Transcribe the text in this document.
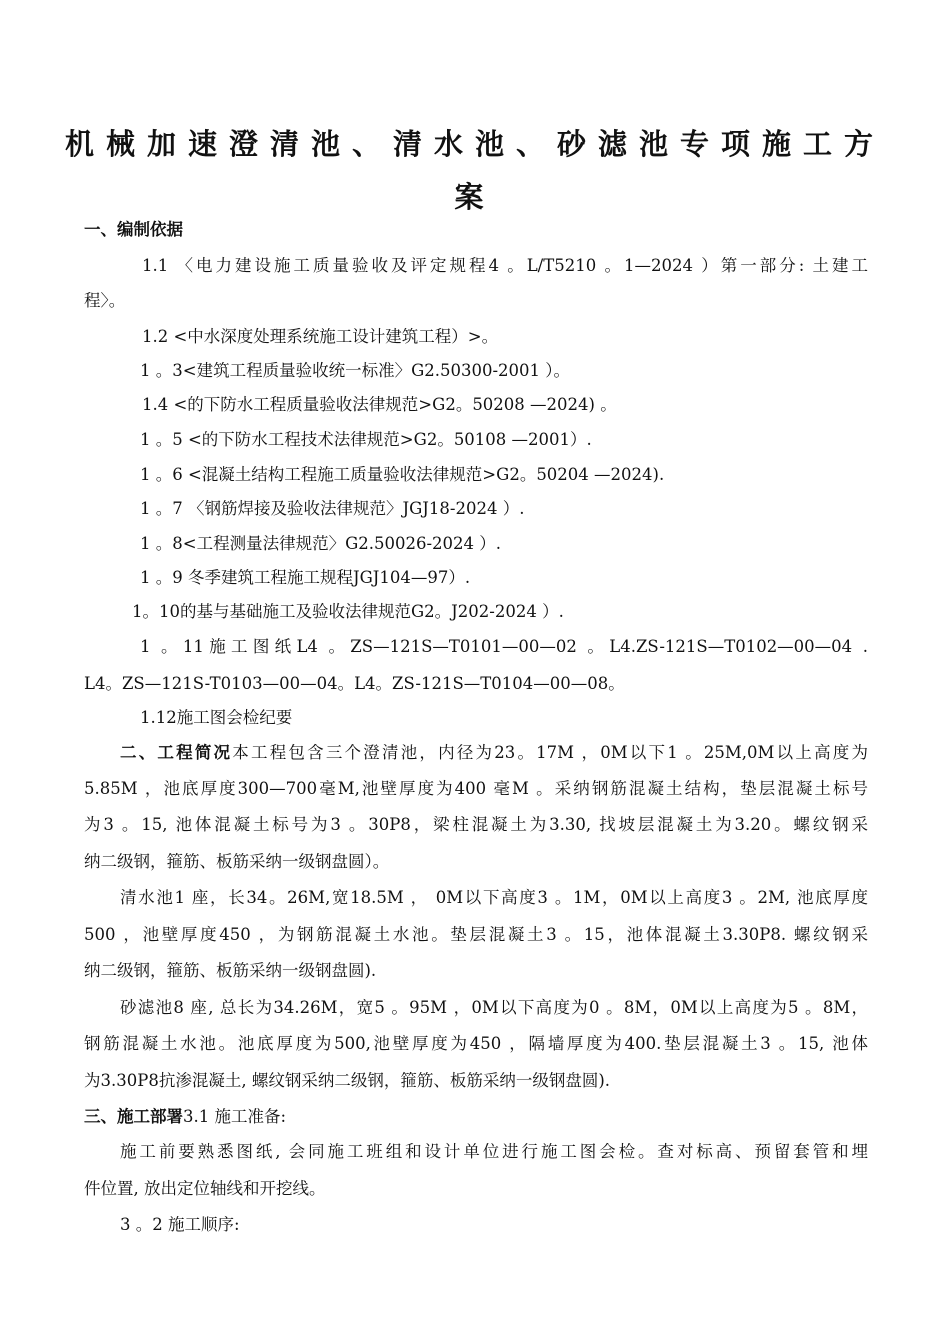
机械加速澄清池、清水池、砂滤池专项施工方
案
一、编制依据
1.1 〈电力建设施工质量验收及评定规程4 。L/T5210 。1—2024 ）第一部分: 土建工
程〉。
1.2 <中水深度处理系统施工设计建筑工程）>。
1 。3<建筑工程质量验收统一标准〉G2.50300-2001 ）。
1.4 <的下防水工程质量验收法律规范>G2。50208 —2024) 。
1 。5 <的下防水工程技术法律规范>G2。50108 —2001）.
1 。6 <混凝土结构工程施工质量验收法律规范>G2。50204 —2024).
1 。7 〈钢筋焊接及验收法律规范〉JGJ18-2024 ）.
1 。8<工程测量法律规范〉G2.50026-2024 ）.
1 。9 冬季建筑工程施工规程JGJ104—97）.
1。10的基与基础施工及验收法律规范G2。J202-2024 ）.
1 。11施工图纸L4 。ZS—121S—T0101—00—02 。L4.ZS-121S—T0102—00—04 .
L4。ZS—121S-T0103—00—04。L4。ZS-121S—T0104—00—08。
1.12施工图会检纪要
二、工程简况本工程包含三个澄清池，内径为23。17M ，0M以下1 。25M,0M以上高度为
5.85M ，池底厚度300—700毫M,池壁厚度为400 毫M 。采纳钢筋混凝土结构，垫层混凝土标号
为3 。15, 池体混凝土标号为3 。30P8，梁柱混凝土为3.30, 找坡层混凝土为3.20。螺纹钢采
纳二级钢，箍筋、板筋采纳一级钢盘圆）。
清水池1 座，长34。26M,宽18.5M ， 0M以下高度3 。1M，0M以上高度3 。2M, 池底厚度
500 ，池壁厚度450 ，为钢筋混凝土水池。垫层混凝土3 。15，池体混凝土3.30P8. 螺纹钢采
纳二级钢，箍筋、板筋采纳一级钢盘圆).
砂滤池8 座, 总长为34.26M，宽5 。95M ，0M以下高度为0 。8M，0M以上高度为5 。8M，
钢筋混凝土水池。池底厚度为500,池壁厚度为450 ，隔墙厚度为400.垫层混凝土3 。15, 池体
为3.30P8抗渗混凝土, 螺纹钢采纳二级钢，箍筋、板筋采纳一级钢盘圆).
三、施工部署3.1 施工准备:
施工前要熟悉图纸, 会同施工班组和设计单位进行施工图会检。查对标高、预留套管和埋
件位置, 放出定位轴线和开挖线。
3 。2 施工顺序:
